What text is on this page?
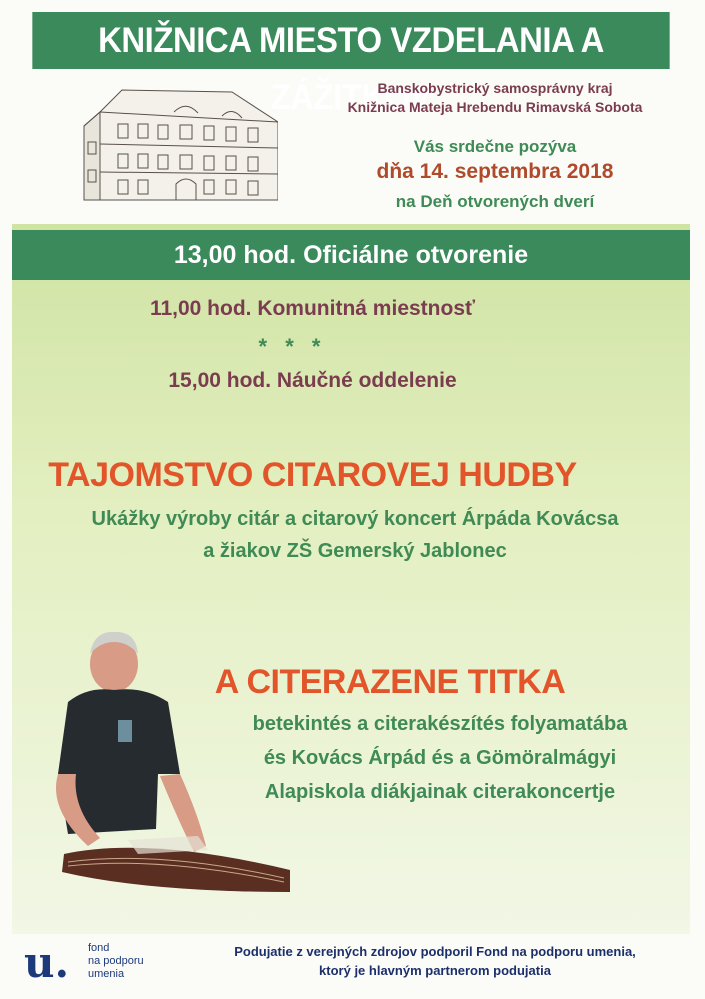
KNIŽNICA MIESTO VZDELANIA A ZÁŽITKOV
Banskobystrický samosprávny kraj
Knižnica Mateja Hrebendu Rimavská Sobota
Vás srdečne pozýva
dňa 14. septembra 2018
na Deň otvorených dverí
13,00 hod. Oficiálne otvorenie
11,00 hod. Komunitná miestnosť
* * *
15,00 hod. Náučné oddelenie
TAJOMSTVO CITAROVEJ HUDBY
Ukážky výroby citár a citarový koncert Árpáda Kovácsa
a žiakov ZŠ Gemerský Jablonec
A CITERAZENE TITKA
betekintés a citerakészítés folyamatába
és Kovács Árpád és a Gömöralmágyi
Alapiskola diákjainak citerakoncertje
u. fond
na podporu
umenia
Podujatie z verejných zdrojov podporil Fond na podporu umenia,
ktorý je hlavným partnerom podujatia
